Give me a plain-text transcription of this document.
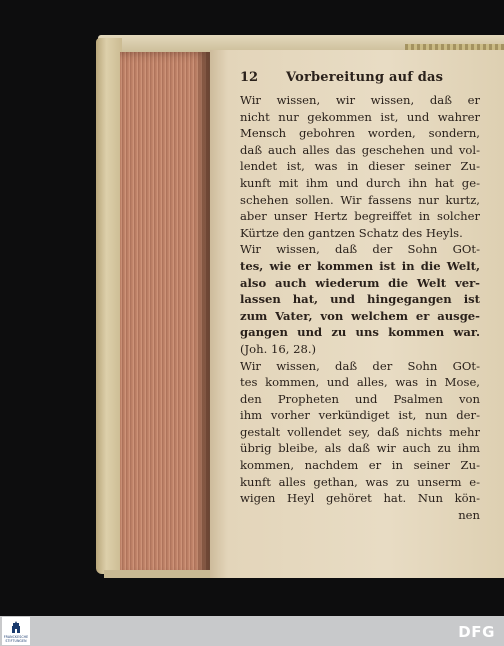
12 Vorbereitung auf das
Wir wissen, wir wissen, daß er
nicht nur gekommen ist, und wahrer
Mensch gebohren worden, sondern,
daß auch alles das geschehen und vol-
lendet ist, was in dieser seiner Zu-
kunft mit ihm und durch ihn hat ge-
schehen sollen. Wir fassens nur kurtz,
aber unser Hertz begreiffet in solcher
Kürtze den gantzen Schatz des Heyls.
Wir wissen, daß der Sohn GOt-
tes, wie er kommen ist in die Welt,
also auch wiederum die Welt ver-
lassen hat, und hingegangen ist
zum Vater, von welchem er ausge-
gangen und zu uns kommen war.
(Joh. 16, 28.)
Wir wissen, daß der Sohn GOt-
tes kommen, und alles, was in Mose,
den Propheten und Psalmen von
ihm vorher verkündiget ist, nun der-
gestalt vollendet sey, daß nichts mehr
übrig bleibe, als daß wir auch zu ihm
kommen, nachdem er in seiner Zu-
kunft alles gethan, was zu unserm e-
wigen Heyl gehöret hat. Nun kön-
nen
FRANCKESCHE
STIFTUNGEN	DFG
